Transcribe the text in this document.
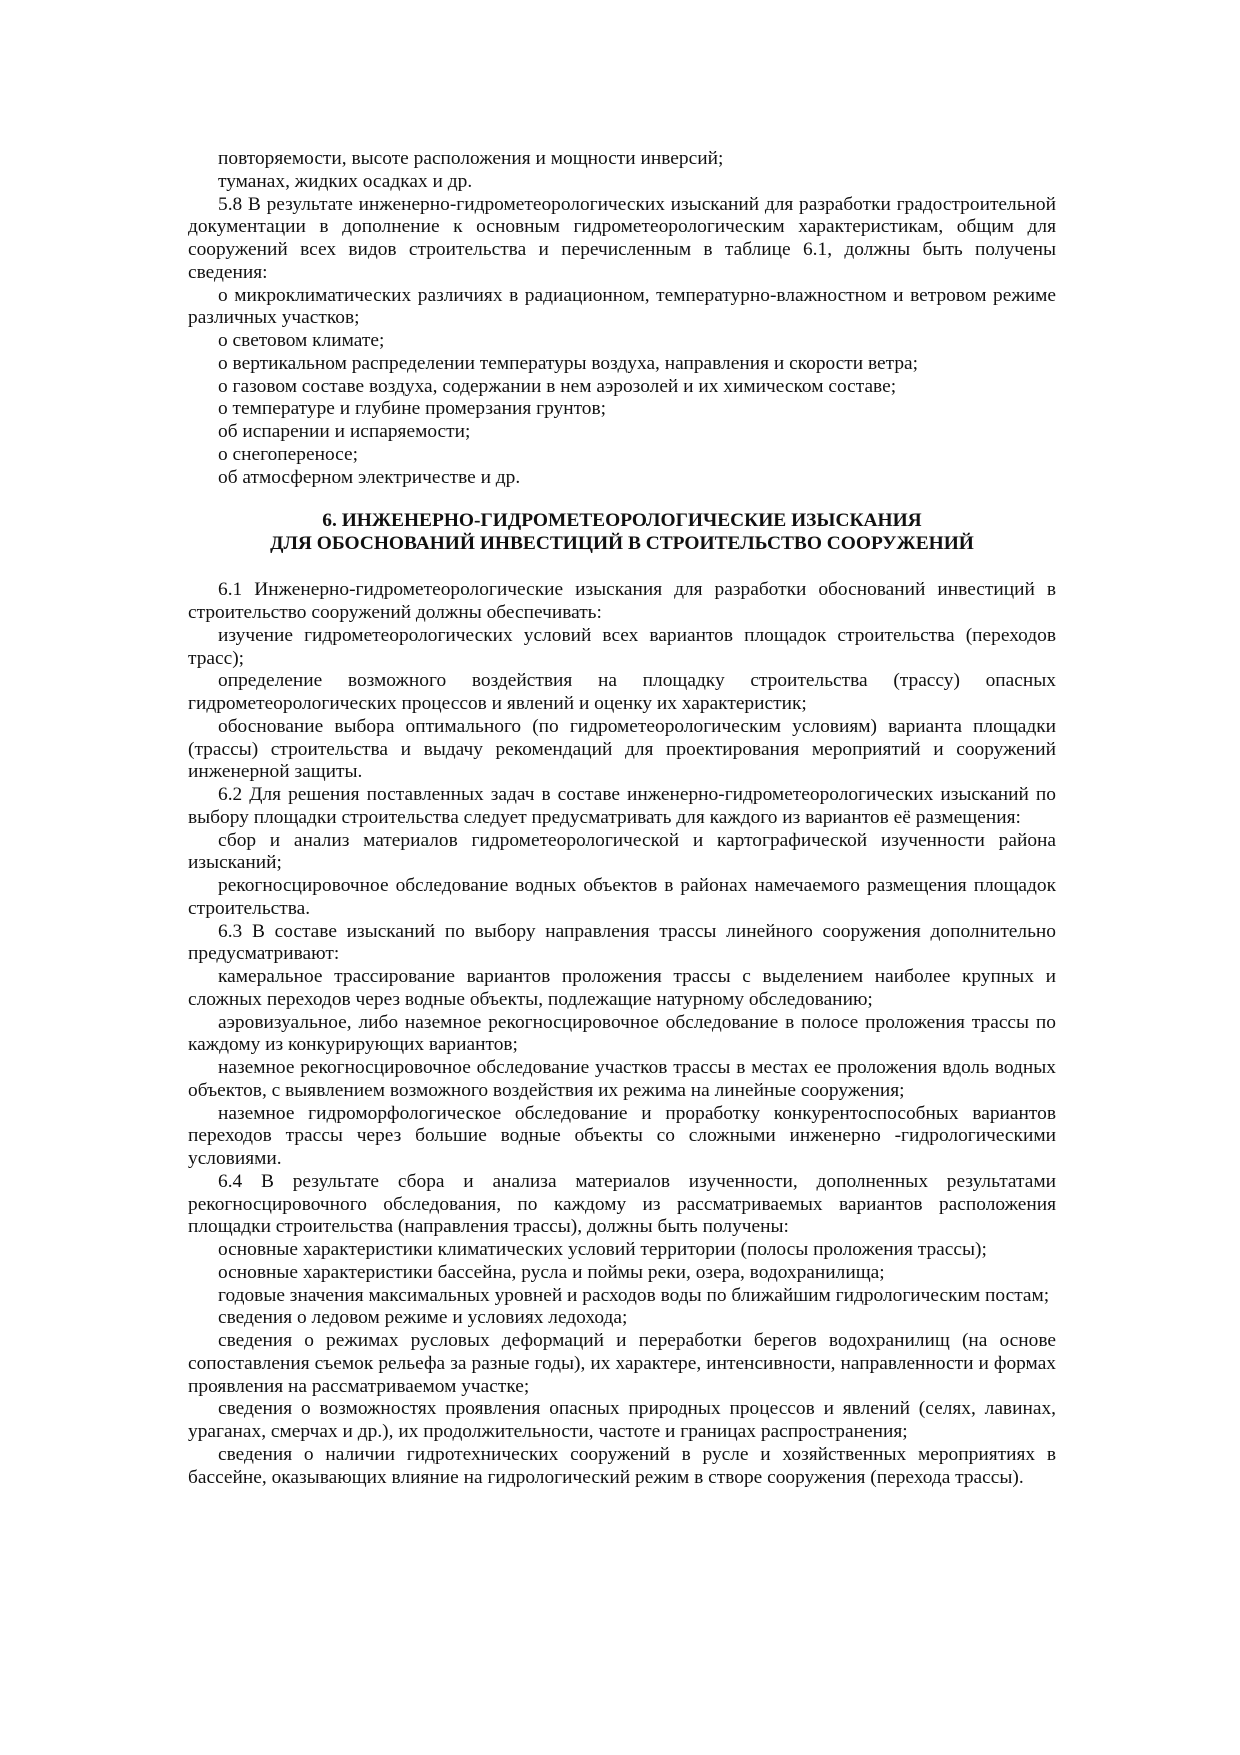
повторяемости, высоте расположения и мощности инверсий;

туманах, жидких осадках и др.

5.8 В результате инженерно-гидрометеорологических изысканий для разработки градостроительной документации в дополнение к основным гидрометеорологическим характеристикам, общим для сооружений всех видов строительства и перечисленным в таблице 6.1, должны быть получены сведения:

о микроклиматических различиях в радиационном, температурно-влажностном и ветровом режиме различных участков;

о световом климате;

о вертикальном распределении температуры воздуха, направления и скорости ветра;

о газовом составе воздуха, содержании в нем аэрозолей и их химическом составе;

о температуре и глубине промерзания грунтов;

об испарении и испаряемости;

о снегопереносе;

об атмосферном электричестве и др.

6. ИНЖЕНЕРНО-ГИДРОМЕТЕОРОЛОГИЧЕСКИЕ ИЗЫСКАНИЯ
ДЛЯ ОБОСНОВАНИЙ ИНВЕСТИЦИЙ В СТРОИТЕЛЬСТВО СООРУЖЕНИЙ

6.1 Инженерно-гидрометеорологические изыскания для разработки обоснований инвестиций в строительство сооружений должны обеспечивать:

изучение гидрометеорологических условий всех вариантов площадок строительства (переходов трасс);

определение возможного воздействия на площадку строительства (трассу) опасных гидрометеорологических процессов и явлений и оценку их характеристик;

обоснование выбора оптимального (по гидрометеорологическим условиям) варианта площадки (трассы) строительства и выдачу рекомендаций для проектирования мероприятий и сооружений инженерной защиты.

6.2 Для решения поставленных задач в составе инженерно-гидрометеорологических изысканий по выбору площадки строительства следует предусматривать для каждого из вариантов её размещения:

сбор и анализ материалов гидрометеорологической и картографической изученности района изысканий;

рекогносцировочное обследование водных объектов в районах намечаемого размещения площадок строительства.

6.3 В составе изысканий по выбору направления трассы линейного сооружения дополнительно предусматривают:

камеральное трассирование вариантов проложения трассы с выделением наиболее крупных и сложных переходов через водные объекты, подлежащие натурному обследованию;

аэровизуальное, либо наземное рекогносцировочное обследование в полосе проложения трассы по каждому из конкурирующих вариантов;

наземное рекогносцировочное обследование участков трассы в местах ее проложения вдоль водных объектов, с выявлением возможного воздействия их режима на линейные сооружения;

наземное гидроморфологическое обследование и проработку конкурентоспособных вариантов переходов трассы через большие водные объекты со сложными инженерно -гидрологическими условиями.

6.4 В результате сбора и анализа материалов изученности, дополненных результатами рекогносцировочного обследования, по каждому из рассматриваемых вариантов расположения площадки строительства (направления трассы), должны быть получены:

основные характеристики климатических условий территории (полосы проложения трассы);

основные характеристики бассейна, русла и поймы реки, озера, водохранилища;

годовые значения максимальных уровней и расходов воды по ближайшим гидрологическим постам;

сведения о ледовом режиме и условиях ледохода;

сведения о режимах русловых деформаций и переработки берегов водохранилищ (на основе сопоставления съемок рельефа за разные годы), их характере, интенсивности, направленности и формах проявления на рассматриваемом участке;

сведения о возможностях проявления опасных природных процессов и явлений (селях, лавинах, ураганах, смерчах и др.), их продолжительности, частоте и границах распространения;

сведения о наличии гидротехнических сооружений в русле и хозяйственных мероприятиях в бассейне, оказывающих влияние на гидрологический режим в створе сооружения (перехода трассы).
